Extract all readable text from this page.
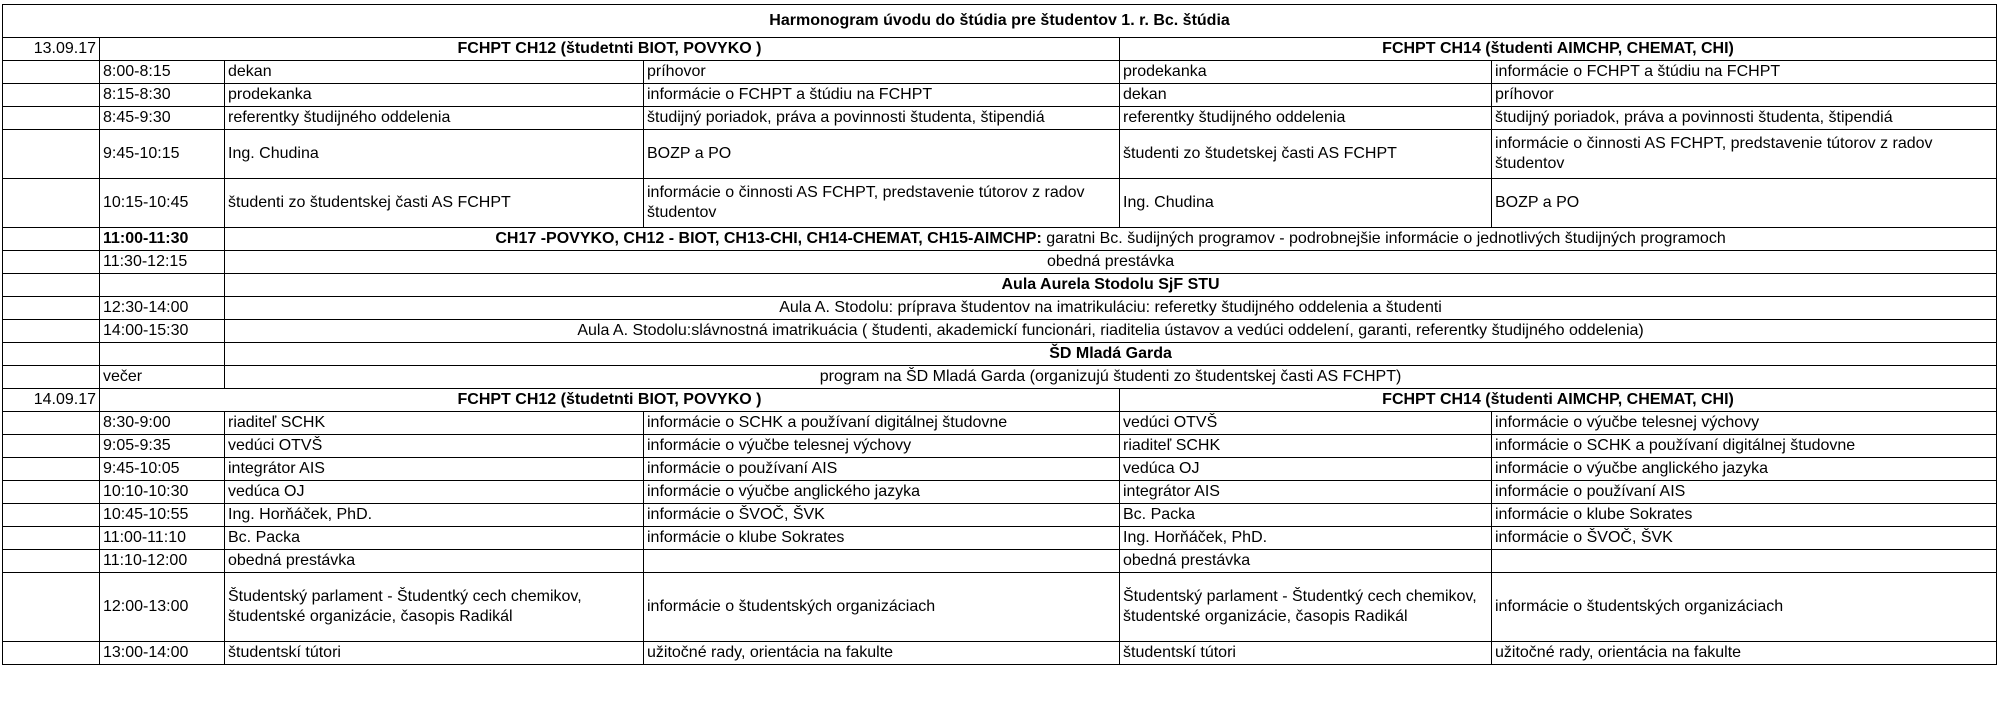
Harmonogram úvodu do štúdia pre študentov 1. r. Bc. štúdia					
13.09.17	FCHPT CH12 (študetnti BIOT, POVYKO )			FCHPT CH14 (študenti AIMCHP, CHEMAT, CHI)	
	8:00-8:15	dekan	príhovor	prodekanka	informácie o FCHPT a štúdiu na FCHPT
	8:15-8:30	prodekanka	informácie o FCHPT a štúdiu na FCHPT	dekan	príhovor
	8:45-9:30	referentky študijného oddelenia	študijný poriadok, práva a povinnosti študenta, štipendiá	referentky študijného oddelenia	študijný poriadok, práva a povinnosti študenta, štipendiá
	9:45-10:15	Ing. Chudina	BOZP a PO	študenti zo študetskej časti AS FCHPT	informácie o činnosti AS FCHPT, predstavenie tútorov z radov študentov
	10:15-10:45	študenti zo študentskej časti AS FCHPT	informácie o činnosti AS FCHPT, predstavenie tútorov z radov študentov	Ing. Chudina	BOZP a PO
	11:00-11:30	CH17 -POVYKO, CH12 - BIOT, CH13-CHI, CH14-CHEMAT, CH15-AIMCHP: garatni Bc. šudijných programov - podrobnejšie informácie o jednotlivých študijných programoch			
	11:30-12:15	obedná prestávka			
		Aula Aurela Stodolu SjF STU			
	12:30-14:00	Aula A. Stodolu: príprava študentov na imatrikuláciu: referetky študijného oddelenia a študenti			
	14:00-15:30	Aula A. Stodolu:slávnostná imatrikuácia ( študenti, akademickí funcionári, riaditelia ústavov a vedúci oddelení, garanti, referentky študijného oddelenia)			
		ŠD Mladá Garda			
	večer	program na ŠD Mladá Garda (organizujú študenti zo študentskej časti AS FCHPT)			
14.09.17	FCHPT CH12 (študetnti BIOT, POVYKO )			FCHPT CH14 (študenti AIMCHP, CHEMAT, CHI)	
	8:30-9:00	riaditeľ SCHK	informácie o SCHK a používaní digitálnej študovne	vedúci OTVŠ	informácie o výučbe telesnej výchovy
	9:05-9:35	vedúci OTVŠ	informácie o výučbe telesnej výchovy	riaditeľ SCHK	informácie o SCHK a používaní digitálnej študovne
	9:45-10:05	integrátor AIS	informácie o používaní AIS	vedúca OJ	informácie o výučbe anglického jazyka
	10:10-10:30	vedúca OJ	informácie o výučbe anglického jazyka	integrátor AIS	informácie o používaní AIS
	10:45-10:55	Ing. Horňáček, PhD.	informácie o ŠVOČ, ŠVK	Bc. Packa	informácie o klube Sokrates
	11:00-11:10	Bc. Packa	informácie o klube Sokrates	Ing. Horňáček, PhD.	informácie o ŠVOČ, ŠVK
	11:10-12:00	obedná prestávka		obedná prestávka	
	12:00-13:00	Študentský parlament - Študentký cech chemikov, študentské organizácie, časopis Radikál	informácie o študentských organizáciach	Študentský parlament - Študentký cech chemikov, študentské organizácie, časopis Radikál	informácie o študentských organizáciach
	13:00-14:00	študentskí tútori	užitočné rady, orientácia na fakulte	študentskí tútori	užitočné rady, orientácia na fakulte
